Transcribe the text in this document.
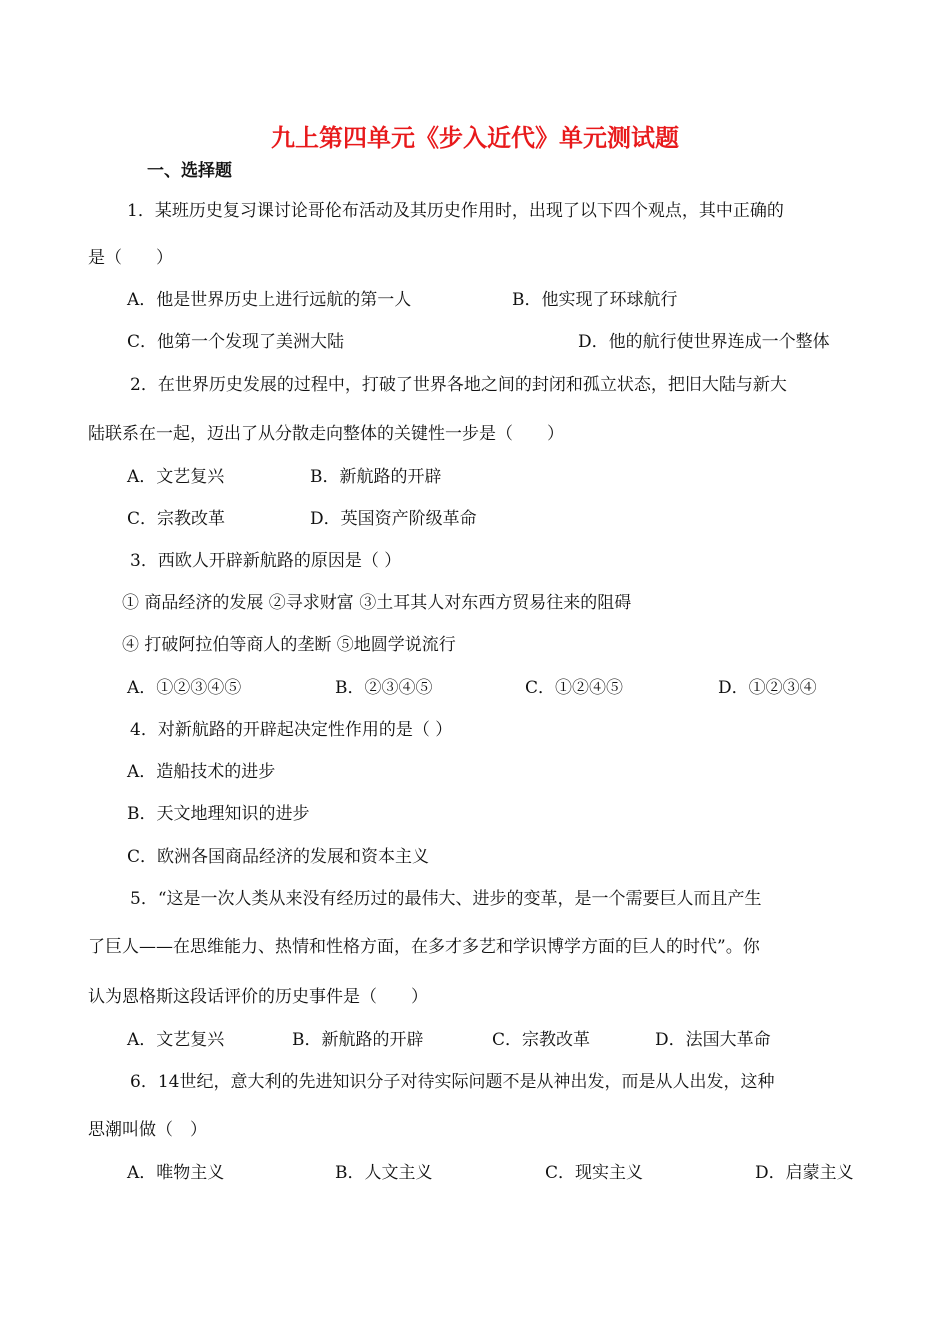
九上第四单元《步入近代》单元测试题
一、选择题
1．某班历史复习课讨论哥伦布活动及其历史作用时，出现了以下四个观点，其中正确的
是（　　）
A．他是世界历史上进行远航的第一人	B．他实现了环球航行
C．他第一个发现了美洲大陆	D．他的航行使世界连成一个整体
2．在世界历史发展的过程中，打破了世界各地之间的封闭和孤立状态，把旧大陆与新大
陆联系在一起，迈出了从分散走向整体的关键性一步是（　　）
A．文艺复兴	B．新航路的开辟
C．宗教改革	D．英国资产阶级革命
3．西欧人开辟新航路的原因是（ ）
① 商品经济的发展 ②寻求财富 ③土耳其人对东西方贸易往来的阻碍
④ 打破阿拉伯等商人的垄断 ⑤地圆学说流行
A．①②③④⑤	B．②③④⑤	C．①②④⑤	D．①②③④
4．对新航路的开辟起决定性作用的是（ ）
A．造船技术的进步
B．天文地理知识的进步
C．欧洲各国商品经济的发展和资本主义
5．“这是一次人类从来没有经历过的最伟大、进步的变革，是一个需要巨人而且产生
了巨人——在思维能力、热情和性格方面，在多才多艺和学识博学方面的巨人的时代”。你
认为恩格斯这段话评价的历史事件是（　　）
A．文艺复兴	B．新航路的开辟	C．宗教改革	D．法国大革命
6．14世纪，意大利的先进知识分子对待实际问题不是从神出发，而是从人出发，这种
思潮叫做（　）
A．唯物主义	B．人文主义	C．现实主义	D．启蒙主义
